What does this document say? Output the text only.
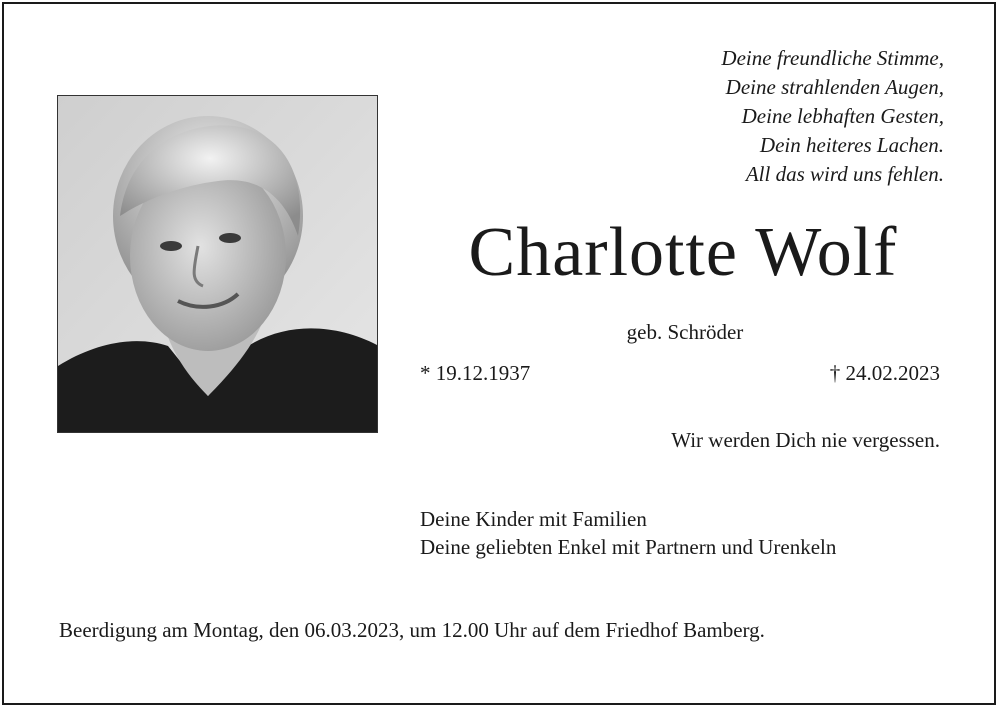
Deine freundliche Stimme,
Deine strahlenden Augen,
Deine lebhaften Gesten,
Dein heiteres Lachen.
All das wird uns fehlen.
Charlotte Wolf
geb. Schröder
* 19.12.1937	† 24.02.2023
Wir werden Dich nie vergessen.
Deine Kinder mit Familien
Deine geliebten Enkel mit Partnern und Urenkeln
Beerdigung am Montag, den 06.03.2023, um 12.00 Uhr auf dem Friedhof Bamberg.
